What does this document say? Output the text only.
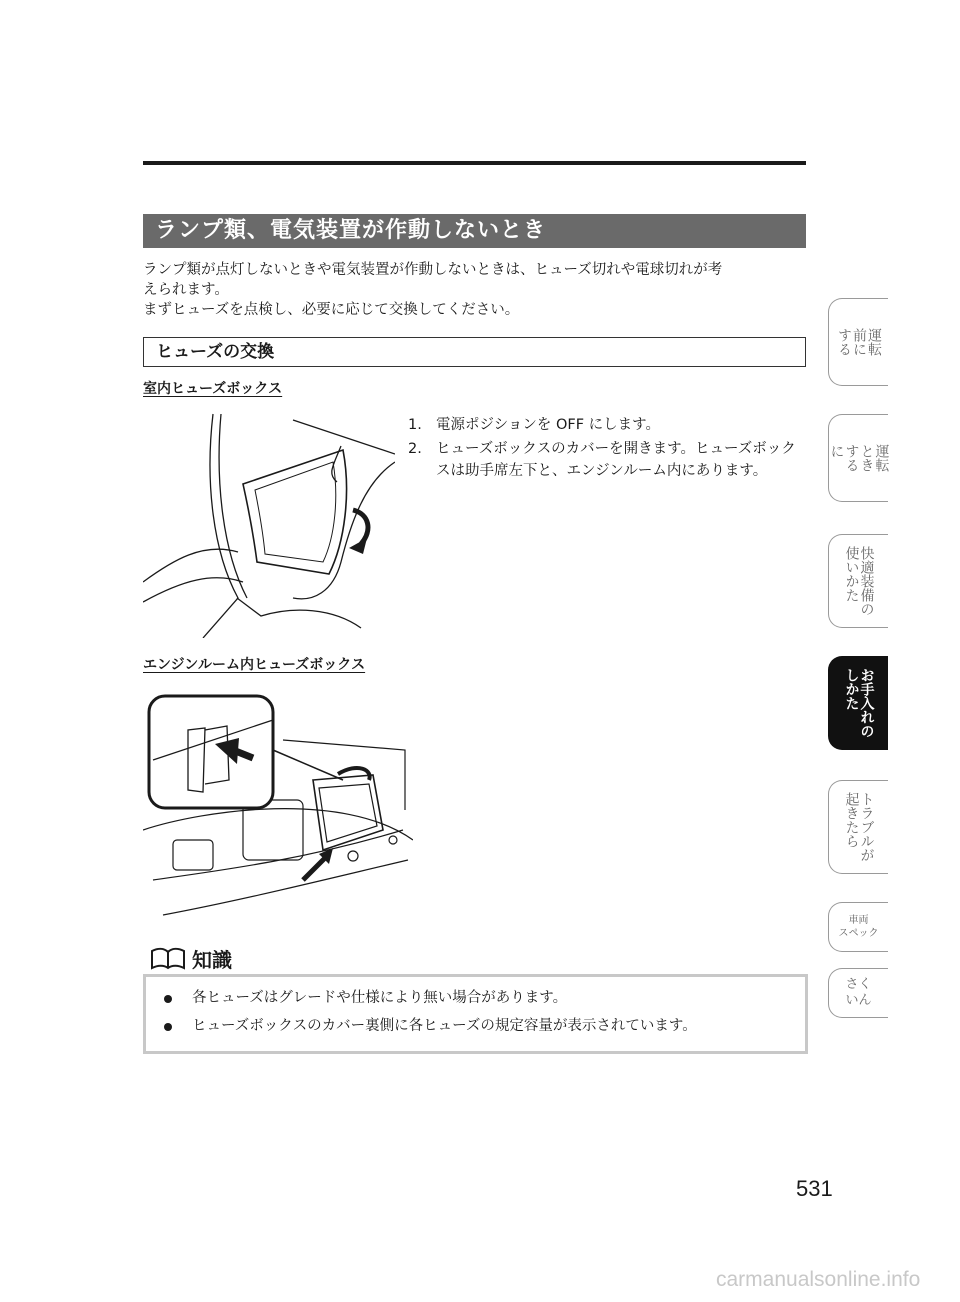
ランプ類、電気装置が作動しないとき

ランプ類が点灯しないときや電気装置が作動しないときは、ヒューズ切れや電球切れが考

えられます。

まずヒューズを点検し、必要に応じて交換してください。

ヒューズの交換
室内ヒューズボックス
1. 電源ポジションを OFF にします。
2. ヒューズボックスのカバーを開きます。ヒューズボックスは助手席左下と、エンジンルーム内にあります。
エンジンルーム内ヒューズボックス
知識
各ヒューズはグレードや仕様により無い場合があります。
ヒューズボックスのカバー裏側に各ヒューズの規定容量が表示されています。
運転
前に
する
運転
とき
する
に
快適装備の
使いかた
お手入れの
しかた
トラブルが
起きたら
車両
スペック
さく
いん
531
carmanualsonline.info
